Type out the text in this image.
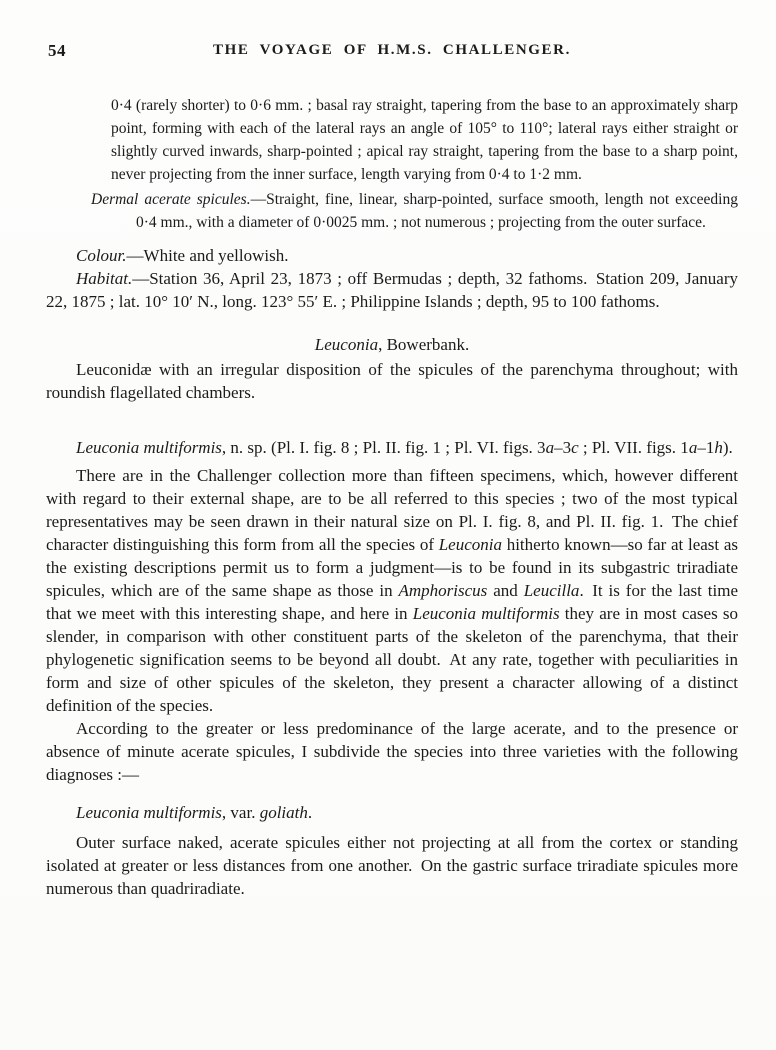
54	THE VOYAGE OF H.M.S. CHALLENGER.

0·4 (rarely shorter) to 0·6 mm. ; basal ray straight, tapering from the base to an approximately sharp point, forming with each of the lateral rays an angle of 105° to 110°; lateral rays either straight or slightly curved inwards, sharp-pointed ; apical ray straight, tapering from the base to a sharp point, never projecting from the inner surface, length varying from 0·4 to 1·2 mm.

Dermal acerate spicules.—Straight, fine, linear, sharp-pointed, surface smooth, length not exceeding 0·4 mm., with a diameter of 0·0025 mm. ; not numerous ; projecting from the outer surface.

Colour.—White and yellowish.

Habitat.—Station 36, April 23, 1873 ; off Bermudas ; depth, 32 fathoms. Station 209, January 22, 1875 ; lat. 10° 10′ N., long. 123° 55′ E. ; Philippine Islands ; depth, 95 to 100 fathoms.

Leuconia, Bowerbank.

Leuconidæ with an irregular disposition of the spicules of the parenchyma throughout; with roundish flagellated chambers.

Leuconia multiformis, n. sp. (Pl. I. fig. 8 ; Pl. II. fig. 1 ; Pl. VI. figs. 3a–3c ; Pl. VII. figs. 1a–1h).

There are in the Challenger collection more than fifteen specimens, which, however different with regard to their external shape, are to be all referred to this species ; two of the most typical representatives may be seen drawn in their natural size on Pl. I. fig. 8, and Pl. II. fig. 1. The chief character distinguishing this form from all the species of Leuconia hitherto known—so far at least as the existing descriptions permit us to form a judgment—is to be found in its subgastric triradiate spicules, which are of the same shape as those in Amphoriscus and Leucilla. It is for the last time that we meet with this interesting shape, and here in Leuconia multiformis they are in most cases so slender, in comparison with other constituent parts of the skeleton of the parenchyma, that their phylogenetic signification seems to be beyond all doubt. At any rate, together with peculiarities in form and size of other spicules of the skeleton, they present a character allowing of a distinct definition of the species.

According to the greater or less predominance of the large acerate, and to the presence or absence of minute acerate spicules, I subdivide the species into three varieties with the following diagnoses :—

Leuconia multiformis, var. goliath.

Outer surface naked, acerate spicules either not projecting at all from the cortex or standing isolated at greater or less distances from one another. On the gastric surface triradiate spicules more numerous than quadriradiate.
